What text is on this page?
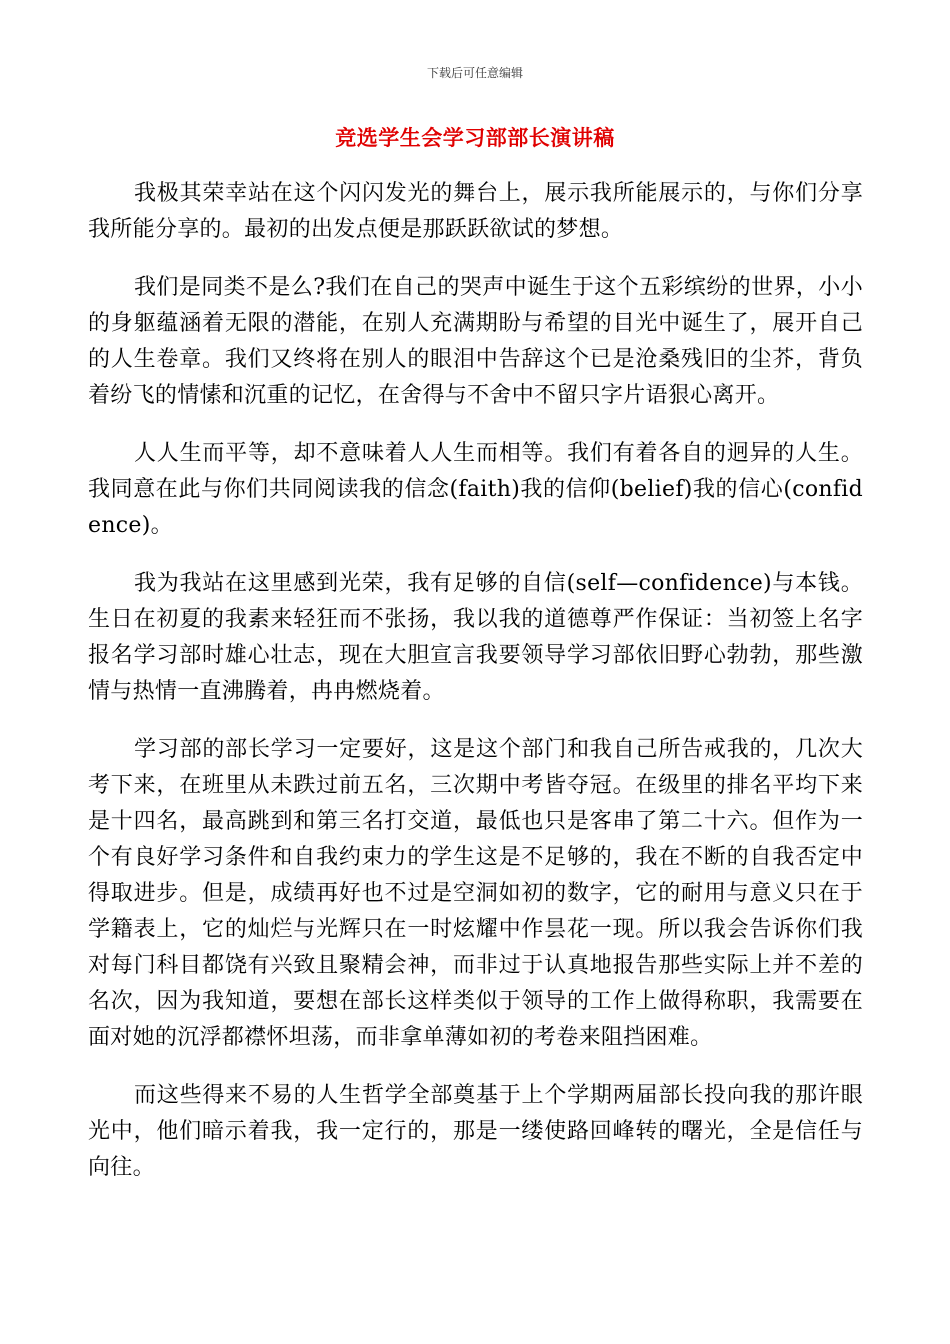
下载后可任意编辑
竞选学生会学习部部长演讲稿

我极其荣幸站在这个闪闪发光的舞台上，展示我所能展示的，与你们分享我所能分享的。最初的出发点便是那跃跃欲试的梦想。

我们是同类不是么?我们在自己的哭声中诞生于这个五彩缤纷的世界，小小的身躯蕴涵着无限的潜能，在别人充满期盼与希望的目光中诞生了，展开自己的人生卷章。我们又终将在别人的眼泪中告辞这个已是沧桑残旧的尘芥，背负着纷飞的情愫和沉重的记忆，在舍得与不舍中不留只字片语狠心离开。

人人生而平等，却不意味着人人生而相等。我们有着各自的迥异的人生。我同意在此与你们共同阅读我的信念(faith)我的信仰(belief)我的信心(confidence)。

我为我站在这里感到光荣，我有足够的自信(self—confidence)与本钱。生日在初夏的我素来轻狂而不张扬，我以我的道德尊严作保证：当初签上名字报名学习部时雄心壮志，现在大胆宣言我要领导学习部依旧野心勃勃，那些激情与热情一直沸腾着，冉冉燃烧着。

学习部的部长学习一定要好，这是这个部门和我自己所告戒我的，几次大考下来，在班里从未跌过前五名，三次期中考皆夺冠。在级里的排名平均下来是十四名，最高跳到和第三名打交道，最低也只是客串了第二十六。但作为一个有良好学习条件和自我约束力的学生这是不足够的，我在不断的自我否定中得取进步。但是，成绩再好也不过是空洞如初的数字，它的耐用与意义只在于学籍表上，它的灿烂与光辉只在一时炫耀中作昙花一现。所以我会告诉你们我对每门科目都饶有兴致且聚精会神，而非过于认真地报告那些实际上并不差的名次，因为我知道，要想在部长这样类似于领导的工作上做得称职，我需要在面对她的沉浮都襟怀坦荡，而非拿单薄如初的考卷来阻挡困难。

而这些得来不易的人生哲学全部奠基于上个学期两届部长投向我的那许眼光中，他们暗示着我，我一定行的，那是一缕使路回峰转的曙光，全是信任与向往。
